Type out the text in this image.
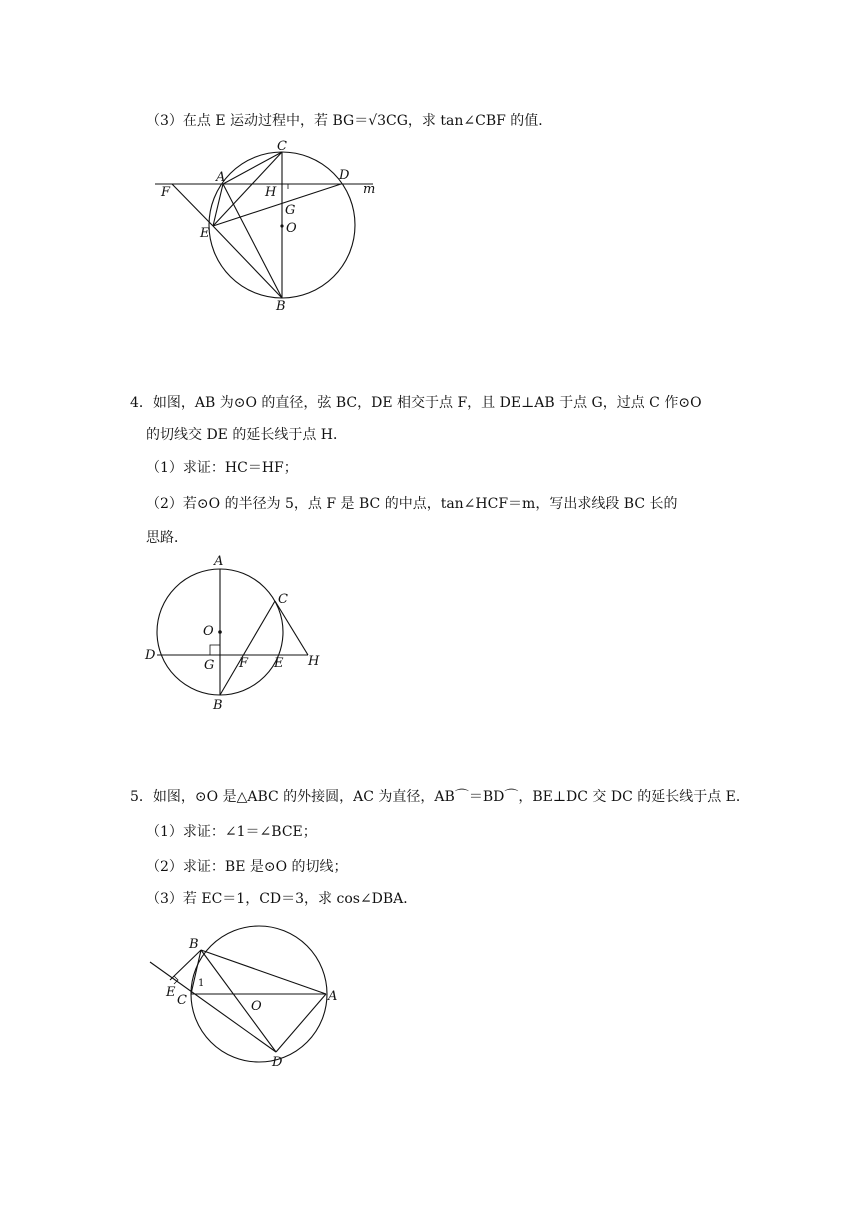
（3）在点 E 运动过程中，若 BG＝√3CG，求 tan∠CBF 的值．
C
A	D
m
F	H
G
O
E
B
4．如图，AB 为⊙O 的直径，弦 BC，DE 相交于点 F，且 DE⊥AB 于点 G，过点 C 作⊙O
的切线交 DE 的延长线于点 H．
（1）求证：HC＝HF；
（2）若⊙O 的半径为 5，点 F 是 BC 的中点，tan∠HCF＝m，写出求线段 BC 长的
思路．
A
C
O
D
G F E H
B
5．如图，⊙O 是△ABC 的外接圆，AC 为直径，AB⌒＝BD⌒，BE⊥DC 交 DC 的延长线于点 E．
（1）求证：∠1＝∠BCE；
（2）求证：BE 是⊙O 的切线；
（3）若 EC＝1，CD＝3，求 cos∠DBA．
B
E
C
1
O
A
D
